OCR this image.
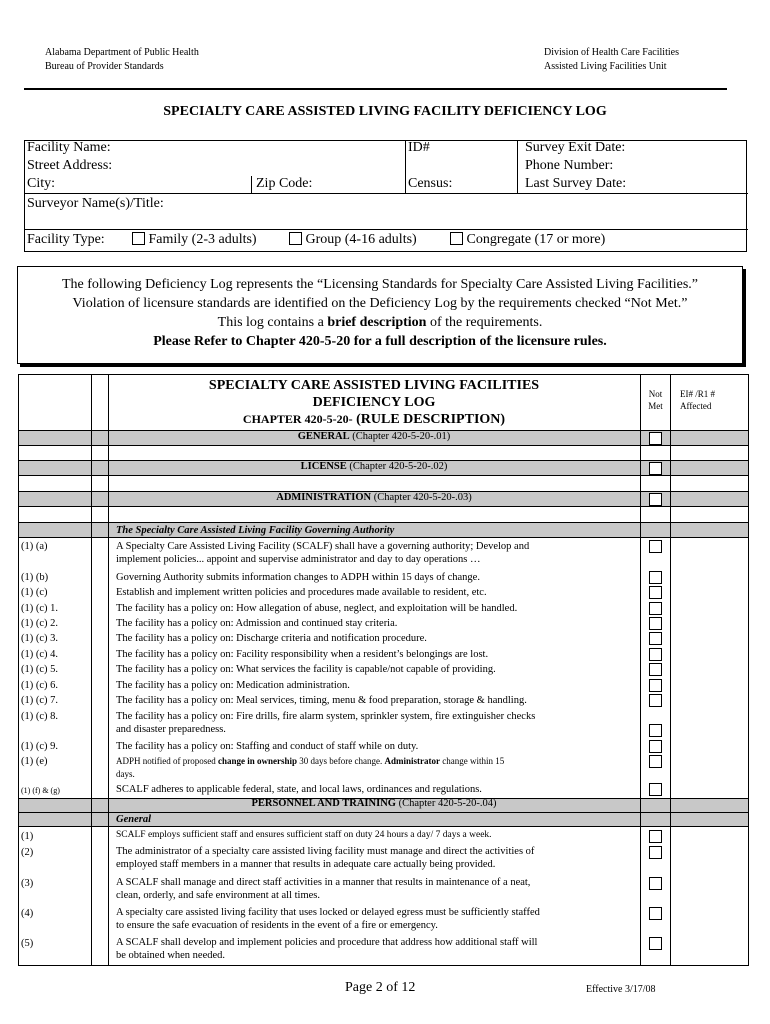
Alabama Department of Public Health
Bureau of Provider Standards
Division of Health Care Facilities
Assisted Living Facilities Unit
SPECIALTY CARE ASSISTED LIVING FACILITY DEFICIENCY LOG
Facility Name:	ID#	Survey Exit Date:
Street Address:	Phone Number:
City:	Zip Code:	Census:	Last Survey Date:
Surveyor Name(s)/Title:
Facility Type:	Family (2-3 adults)	Group (4-16 adults)	Congregate (17 or more)
The following Deficiency Log represents the “Licensing Standards for Specialty Care Assisted Living Facilities.”
Violation of licensure standards are identified on the Deficiency Log by the requirements checked “Not Met.”
This log contains a brief description of the requirements.
Please Refer to Chapter 420-5-20 for a full description of the licensure rules.
SPECIALTY CARE ASSISTED LIVING FACILITIES
DEFICIENCY LOG
CHAPTER 420-5-20- (RULE DESCRIPTION)
Not
Met
EI# /R1 #
Affected
GENERAL (Chapter 420-5-20-.01)
LICENSE (Chapter 420-5-20-.02)
ADMINISTRATION (Chapter 420-5-20-.03)
The Specialty Care Assisted Living Facility Governing Authority
(1) (a)	A Specialty Care Assisted Living Facility (SCALF) shall have a governing authority; Develop and
implement policies... appoint and supervise administrator and day to day operations …
(1) (b)	Governing Authority submits information changes to ADPH within 15 days of change.
(1) (c)	Establish and implement written policies and procedures made available to resident, etc.
(1) (c) 1.	The facility has a policy on: How allegation of abuse, neglect, and exploitation will be handled.
(1) (c) 2.	The facility has a policy on: Admission and continued stay criteria.
(1) (c) 3.	The facility has a policy on: Discharge criteria and notification procedure.
(1) (c) 4.	The facility has a policy on: Facility responsibility when a resident’s belongings are lost.
(1) (c) 5.	The facility has a policy on: What services the facility is capable/not capable of providing.
(1) (c) 6.	The facility has a policy on: Medication administration.
(1) (c) 7.	The facility has a policy on: Meal services, timing, menu & food preparation, storage & handling.
(1) (c) 8.	The facility has a policy on: Fire drills, fire alarm system, sprinkler system, fire extinguisher checks
and disaster preparedness.
(1) (c) 9.	The facility has a policy on: Staffing and conduct of staff while on duty.
(1) (e)	ADPH notified of proposed change in ownership 30 days before change. Administrator change within 15
days.
(1) (f) & (g)	SCALF adheres to applicable federal, state, and local laws, ordinances and regulations.
PERSONNEL AND TRAINING (Chapter 420-5-20-.04)
General
(1)	SCALF employs sufficient staff and ensures sufficient staff on duty 24 hours a day/ 7 days a week.
(2)	The administrator of a specialty care assisted living facility must manage and direct the activities of
employed staff members in a manner that results in adequate care actually being provided.
(3)	A SCALF shall manage and direct staff activities in a manner that results in maintenance of a neat,
clean, orderly, and safe environment at all times.
(4)	A specialty care assisted living facility that uses locked or delayed egress must be sufficiently staffed
to ensure the safe evacuation of residents in the event of a fire or emergency.
(5)	A SCALF shall develop and implement policies and procedure that address how additional staff will
be obtained when needed.
Page 2 of 12	Effective 3/17/08
